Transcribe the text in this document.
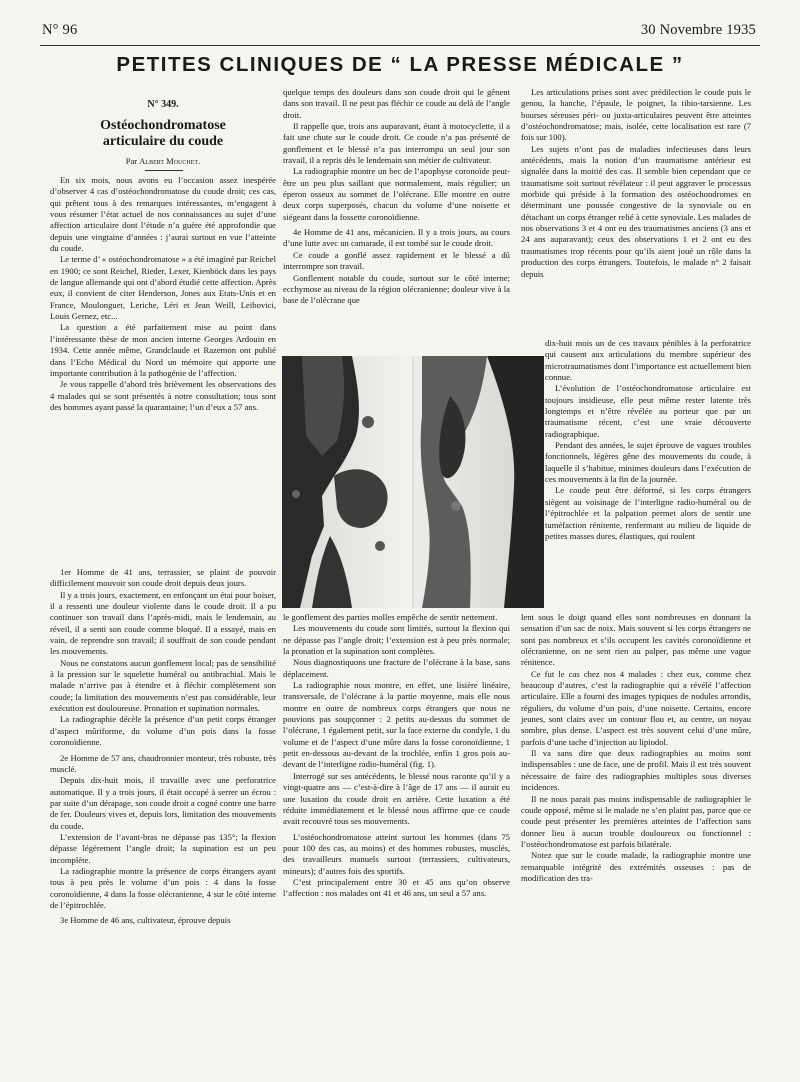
N° 96	30 Novembre 1935
PETITES CLINIQUES DE “ LA PRESSE MÉDICALE ”
N° 349.
Ostéochondromatose
articulaire du coude
Par Albert Mouchet.

En six mois, nous avons eu l’occasion assez inespérée d’observer 4 cas d’ostéochondromatose du coude droit; ces cas, qui prêtent tous à des remarques intéressantes, m’engagent à vous résumer l’état actuel de nos connaissances au sujet d’une affection articulaire dont l’étude n’a guère été approfondie que depuis une vingtaine d’années : j’aurai surtout en vue l’atteinte du coude.

Le terme d’ « ostéochondromatose » a été imaginé par Reichel en 1900; ce sont Reichel, Rieder, Lexer, Kienböck dans les pays de langue allemande qui ont d’abord étudié cette affection. Après eux, il convient de citer Henderson, Jones aux Etats-Unis et en France, Moulonguet, Leriche, Léri et Jean Weill, Leibovici, Louis Gernez, etc...

La question a été parfaitement mise au point dans l’intéressante thèse de mon ancien interne Georges Ardouin en 1934. Cette année même, Grandclaude et Razemon ont publié dans l’Echo Médical du Nord un mémoire qui apporte une importante contribution à la pathogénie de l’affection.

Je vous rappelle d’abord très brièvement les observations des 4 malades qui se sont présentés à notre consultation; tous sont des hommes ayant passé la quarantaine; l’un d’eux a 57 ans.

1er Homme de 41 ans, terrassier, se plaint de pouvoir difficilement mouvoir son coude droit depuis deux jours.

Il y a trois jours, exactement, en enfonçant un étai pour boiser, il a ressenti une douleur violente dans le coude droit. Il a pu continuer son travail dans l’après-midi, mais le lendemain, au réveil, il a senti son coude comme bloqué. Il a essayé, mais en vain, de reprendre son travail; il souffrait de son coude pendant les mouvements.

Nous ne constatons aucun gonflement local; pas de sensibilité à la pression sur le squelette huméral ou antibrachial. Mais le malade n’arrive pas à étendre et à fléchir complètement son coude; la limitation des mouvements n’est pas considérable, leur exécution est douloureuse. Pronation et supination normales.

La radiographie décèle la présence d’un petit corps étranger d’aspect mûriforme, du volume d’un pois dans la fosse coronoïdienne.

2e Homme de 57 ans, chaudronnier monteur, très robuste, très musclé.

Depuis dix-huit mois, il travaille avec une perforatrice automatique. Il y a trois jours, il était occupé à serrer un écrou : par suite d’un dérapage, son coude droit a cogné contre une barre de fer. Douleurs vives et, depuis lors, limitation des mouvements du coude.

L’extension de l’avant-bras ne dépasse pas 135°; la flexion dépasse légèrement l’angle droit; la supination est un peu incomplète.

La radiographie montre la présence de corps étrangers ayant tous à peu près le volume d’un pois : 4 dans la fosse coronoïdienne, 4 dans la fosse olécranienne, 4 sur le côté interne de l’épitrochlée.

3e Homme de 46 ans, cultivateur, éprouve depuis

quelque temps des douleurs dans son coude droit qui le gênent dans son travail. Il ne peut pas fléchir ce coude au delà de l’angle droit.

Il rappelle que, trois ans auparavant, étant à motocyclette, il a fait une chute sur le coude droit. Ce coude n’a pas présenté de gonflement et le blessé n’a pas interrompu un seul jour son travail, il a repris dès le lendemain son métier de cultivateur.

La radiographie montre un bec de l’apophyse coronoïde peut-être un peu plus saillant que normalement, mais régulier; un éperon osseux au sommet de l’olécrane. Elle montre en outre deux corps superposés, chacun du volume d’une noisette et siégeant dans la fossette coronoïdienne.

4e Homme de 41 ans, mécanicien. Il y a trois jours, au cours d’une lutte avec un camarade, il est tombé sur le coude droit.

Ce coude a gonflé assez rapidement et le blessé a dû interrompre son travail.

Gonflement notable du coude, surtout sur le côté interne; ecchymose au niveau de la région olécranienne; douleur vive à la base de l’olécrane que

le gonflement des parties molles empêche de sentir nettement.

Les mouvements du coude sont limités, surtout la flexion qui ne dépasse pas l’angle droit; l’extension est à peu près normale; la pronation et la supination sont complètes.

Nous diagnostiquons une fracture de l’olécrane à la base, sans déplacement.

La radiographie nous montre, en effet, une lisière linéaire, transversale, de l’olécrane à la partie moyenne, mais elle nous montre en outre de nombreux corps étrangers que nous ne pouvions pas soupçonner : 2 petits au-dessus du sommet de l’olécrane, 1 également petit, sur la face externe du condyle, 1 du volume et de l’aspect d’une mûre dans la fosse coronoïdienne, 1 petit en-dessous au-devant de la trochlée, enfin 1 gros pois au-devant de l’interligne radio-huméral (fig. 1).

Interrogé sur ses antécédents, le blessé nous raconte qu’il y a vingt-quatre ans — c’est-à-dire à l’âge de 17 ans — il aurait eu une luxation du coude droit en arrière. Cette luxation a été réduite immédiatement et le blessé nous affirme que ce coude avait recouvré tous ses mouvements.

L’ostéochondromatose atteint surtout les hommes (dans 75 pour 100 des cas, au moins) et des hommes robustes, musclés, des travailleurs manuels surtout (terrassiers, cultivateurs, mineurs); d’autres fois des sportifs.

C’est principalement entre 30 et 45 ans qu’on observe l’affection : nos malades ont 41 et 46 ans, un seul a 57 ans.

Les articulations prises sont avec prédilection le coude puis le genou, la hanche, l’épaule, le poignet, la tibio-tarsienne. Les bourses séreuses péri- ou juxta-articulaires peuvent être atteintes d’ostéochondromatose; mais, isolée, cette localisation est rare (7 fois sur 100).

Les sujets n’ont pas de maladies infectieuses dans leurs antécédents, mais la notion d’un traumatisme antérieur est signalée dans la moitié des cas. Il semble bien cependant que ce traumatisme soit surtout révélateur : il peut aggraver le processus morbide qui préside à la formation des ostéochondromes en déterminant une poussée congestive de la synoviale ou en détachant un corps étranger relié à cette synoviale. Les malades de nos observations 3 et 4 ont eu des traumatismes anciens (3 ans et 24 ans auparavant); ceux des observations 1 et 2 ont eu des traumatismes trop récents pour qu’ils aient joué un rôle dans la production des corps étrangers. Toutefois, le malade n° 2 faisait depuis

dix-huit mois un de ces travaux pénibles à la perforatrice qui causent aux articulations du membre supérieur des microtraumatismes dont l’importance est actuellement bien connue.

L’évolution de l’ostéochondromatose articulaire est toujours insidieuse, elle peut même rester latente très longtemps et n’être révélée au porteur que par un traumatisme récent, c’est une vraie découverte radiographique.

Pendant des années, le sujet éprouve de vagues troubles fonctionnels, légères gêne des mouvements du coude, à laquelle il s’habitue, minimes douleurs dans l’exécution de ces mouvements à la fin de la journée.

Le coude peut être déformé, si les corps étrangers siègent au voisinage de l’interligne radio-huméral ou de l’épitrochlée et la palpation permet alors de sentir une tuméfaction rénitente, renfermant au milieu de liquide de petites masses dures, élastiques, qui roulent

lent sous le doigt quand elles sont nombreuses en donnant la sensation d’un sac de noix. Mais souvent si les corps étrangers ne sont pas nombreux et s’ils occupent les cavités coronoïdienne et olécranienne, on ne sent rien au palper, pas même une vague rénitence.

Ce fut le cas chez nos 4 malades : chez eux, comme chez beaucoup d’autres, c’est la radiographie qui a révélé l’affection articulaire. Elle a fourni des images typiques de nodules arrondis, réguliers, du volume d’un pois, d’une noisette. Certains, encore jeunes, sont clairs avec un contour flou et, au centre, un noyau sombre, plus dense. L’aspect est très souvent celui d’une mûre, parfois d’une tache d’injection au lipiodol.

Il va sans dire que deux radiographies au moins sont indispensables : une de face, une de profil. Mais il est très souvent nécessaire de faire des radiographies multiples sous diverses incidences.

Il ne nous parait pas moins indispensable de radiographier le coude opposé, même si le malade ne s’en plaint pas, parce que ce coude peut présenter les premières atteintes de l’affection sans donner lieu à aucun trouble douloureux ou fonctionnel : l’ostéochondromatose est parfois bilatérale.

Notez que sur le coude malade, la radiographie montre une remarquable intégrité des extrémités osseuses : pas de modification des tra-
